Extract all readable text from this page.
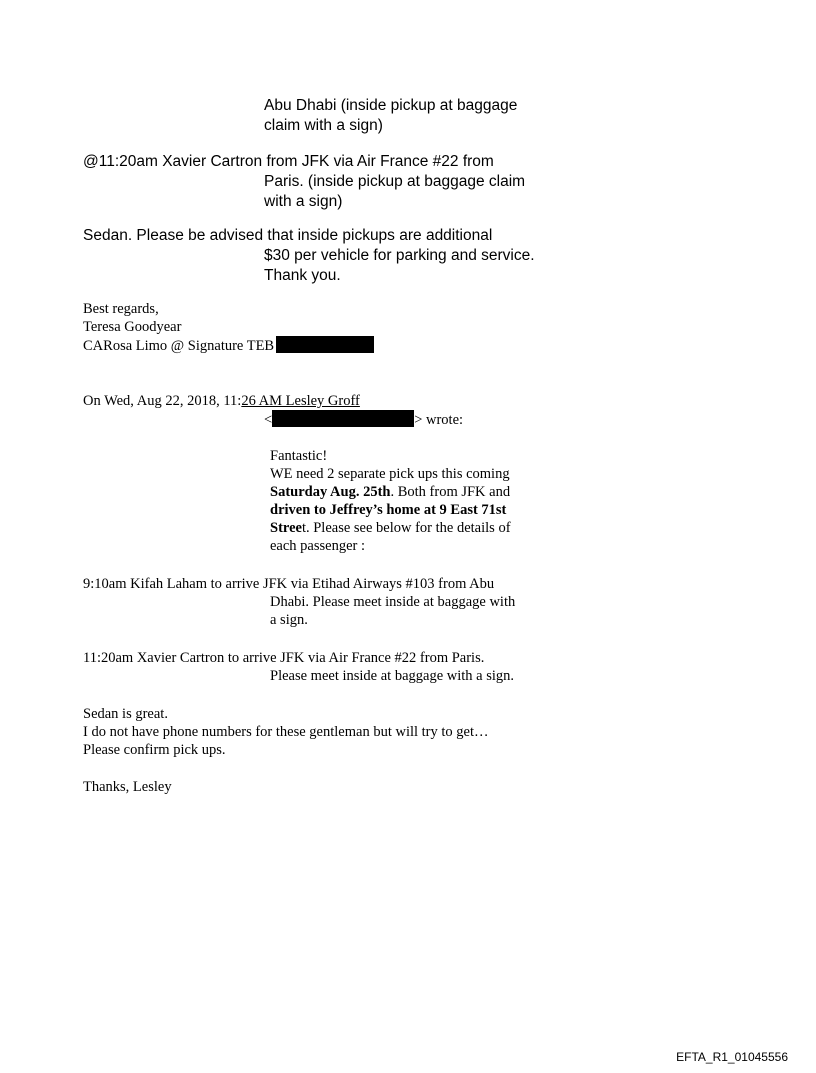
Abu Dhabi (inside pickup at baggage
claim with a sign)

@11:20am Xavier Cartron from JFK via Air France #22 from

Paris. (inside pickup at baggage claim
with a sign)

Sedan. Please be advised that inside pickups are additional

$30 per vehicle for parking and service.
Thank you.

Best regards,
Teresa Goodyear
CARosa Limo @ Signature TEB

On Wed, Aug 22, 2018, 11:26 AM Lesley Groff

<	> wrote:

Fantastic!
WE need 2 separate pick ups this coming
Saturday Aug. 25th. Both from JFK and
driven to Jeffrey’s home at 9 East 71st
Street. Please see below for the details of
each passenger :

9:10am Kifah Laham to arrive JFK via Etihad Airways #103 from Abu

Dhabi. Please meet inside at baggage with
a sign.

11:20am Xavier Cartron to arrive JFK via Air France #22 from Paris.

Please meet inside at baggage with a sign.

Sedan is great.
I do not have phone numbers for these gentleman but will try to get…
Please confirm pick ups.

Thanks, Lesley

EFTA_R1_01045556
